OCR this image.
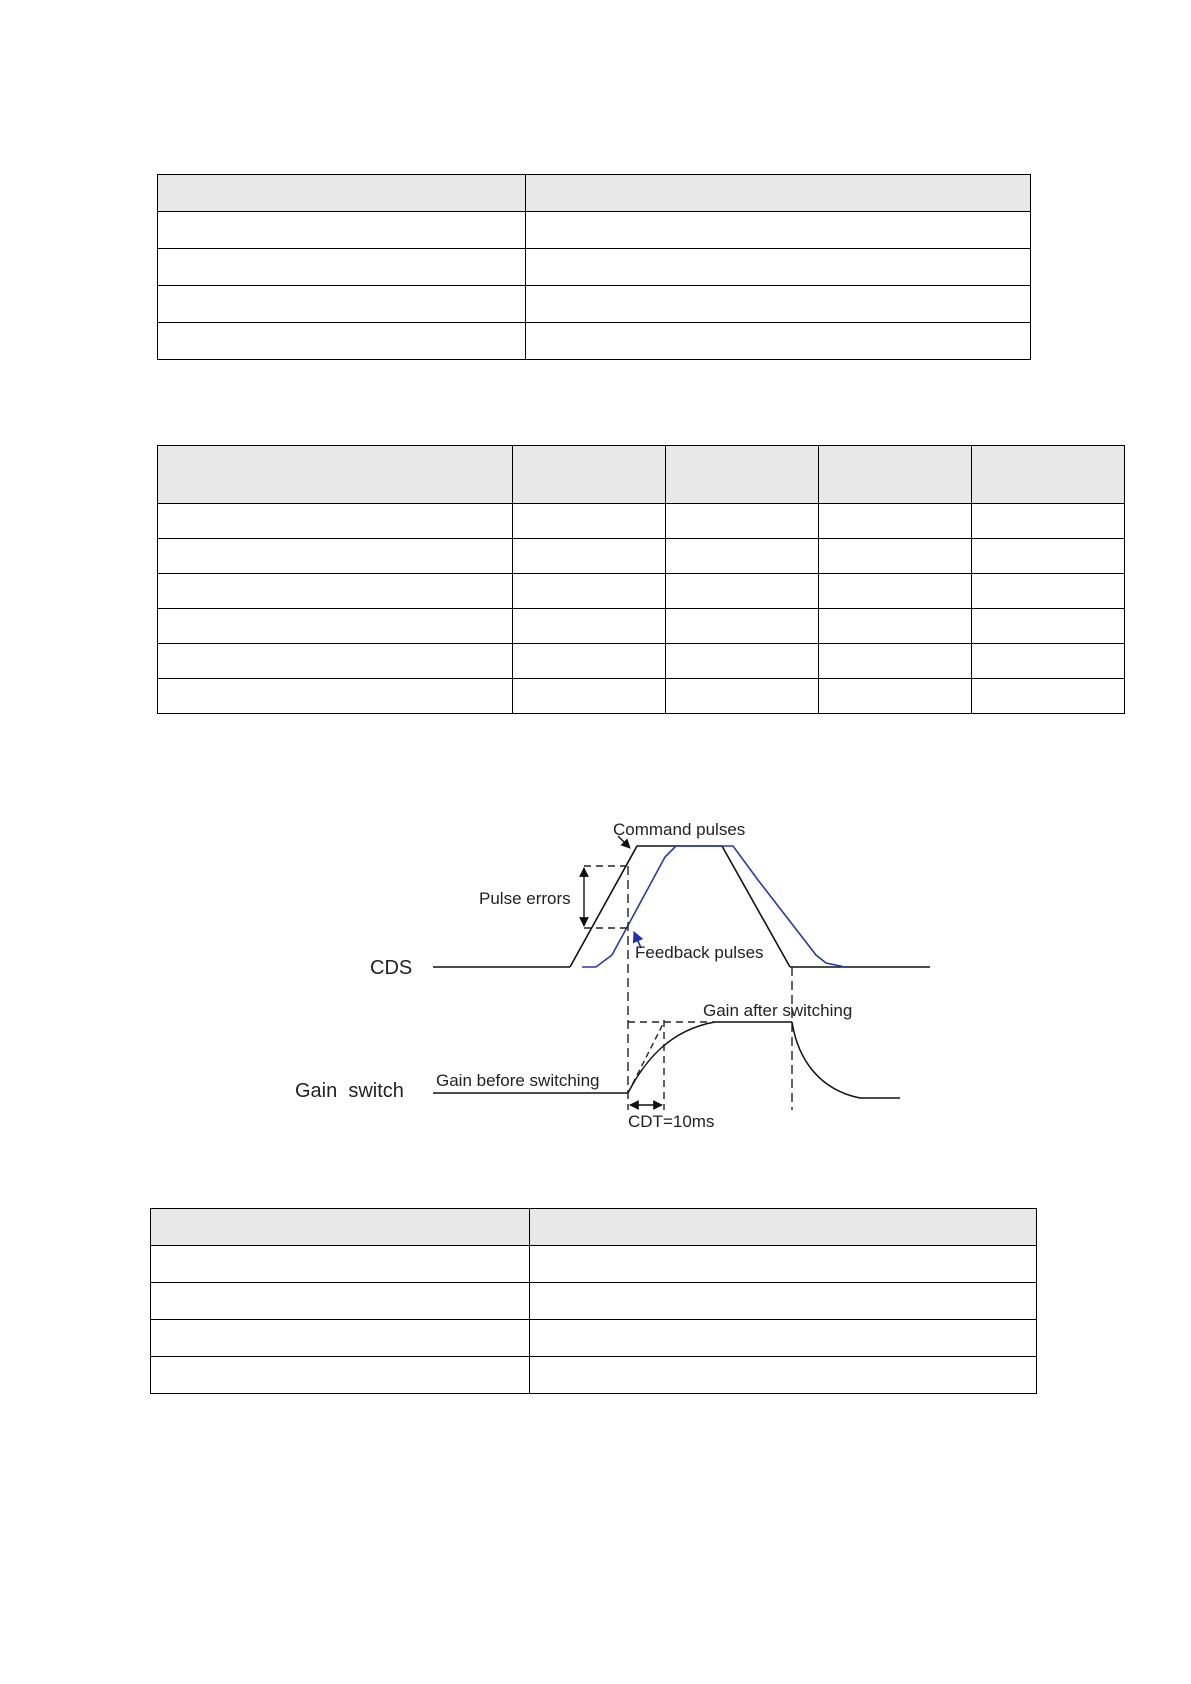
Command pulses
Pulse errors
Feedback pulses
CDS
Gain after switching
Gain before switching
Gain  switch
CDT=10ms
